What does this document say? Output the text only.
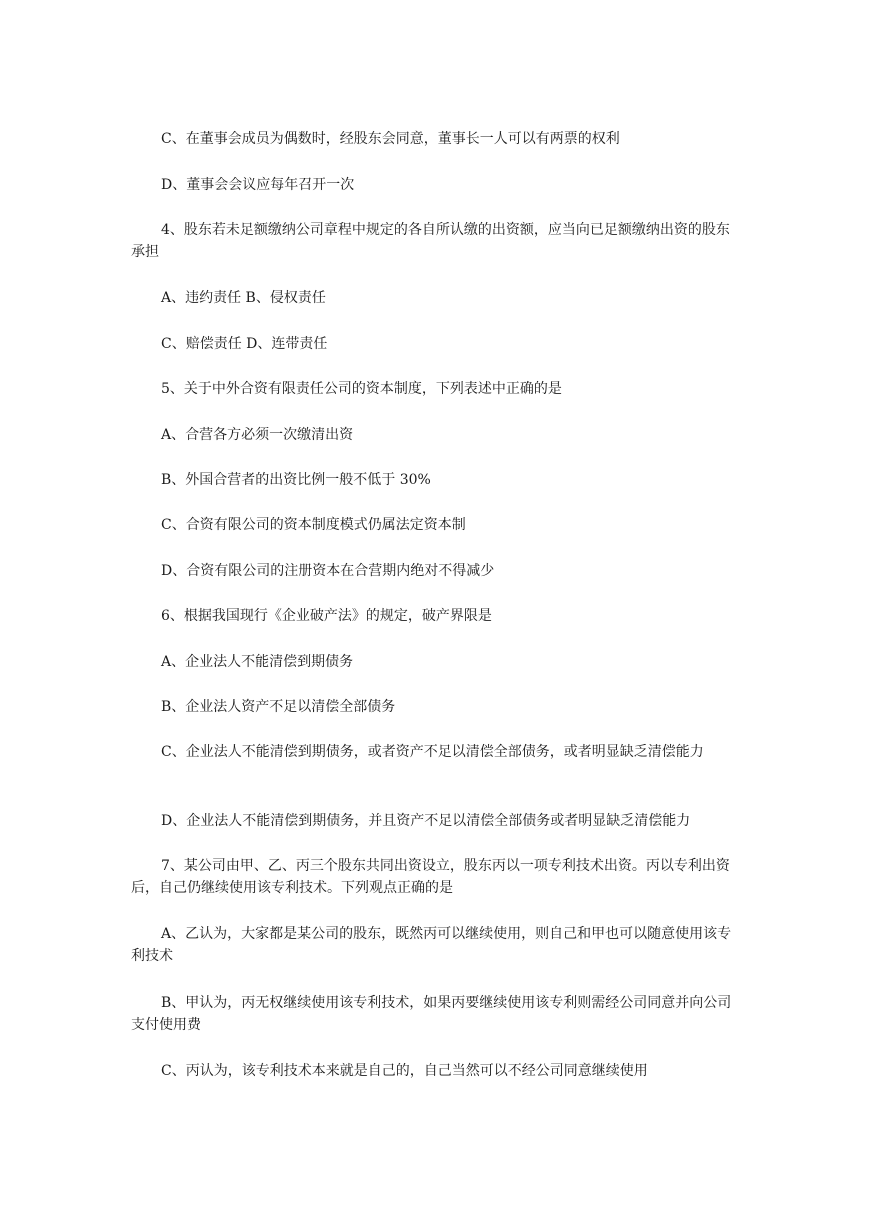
C、在董事会成员为偶数时，经股东会同意，董事长一人可以有两票的权利

D、董事会会议应每年召开一次

4、股东若未足额缴纳公司章程中规定的各自所认缴的出资额，应当向已足额缴纳出资的股东承担

A、违约责任 B、侵权责任

C、赔偿责任 D、连带责任

5、关于中外合资有限责任公司的资本制度，下列表述中正确的是

A、合营各方必须一次缴清出资

B、外国合营者的出资比例一般不低于 30%

C、合资有限公司的资本制度模式仍属法定资本制

D、合资有限公司的注册资本在合营期内绝对不得减少

6、根据我国现行《企业破产法》的规定，破产界限是

A、企业法人不能清偿到期债务

B、企业法人资产不足以清偿全部债务

C、企业法人不能清偿到期债务，或者资产不足以清偿全部债务，或者明显缺乏清偿能力

D、企业法人不能清偿到期债务，并且资产不足以清偿全部债务或者明显缺乏清偿能力

7、某公司由甲、乙、丙三个股东共同出资设立，股东丙以一项专利技术出资。丙以专利出资后，自己仍继续使用该专利技术。下列观点正确的是

A、乙认为，大家都是某公司的股东，既然丙可以继续使用，则自己和甲也可以随意使用该专利技术

B、甲认为，丙无权继续使用该专利技术，如果丙要继续使用该专利则需经公司同意并向公司支付使用费

C、丙认为，该专利技术本来就是自己的，自己当然可以不经公司同意继续使用
